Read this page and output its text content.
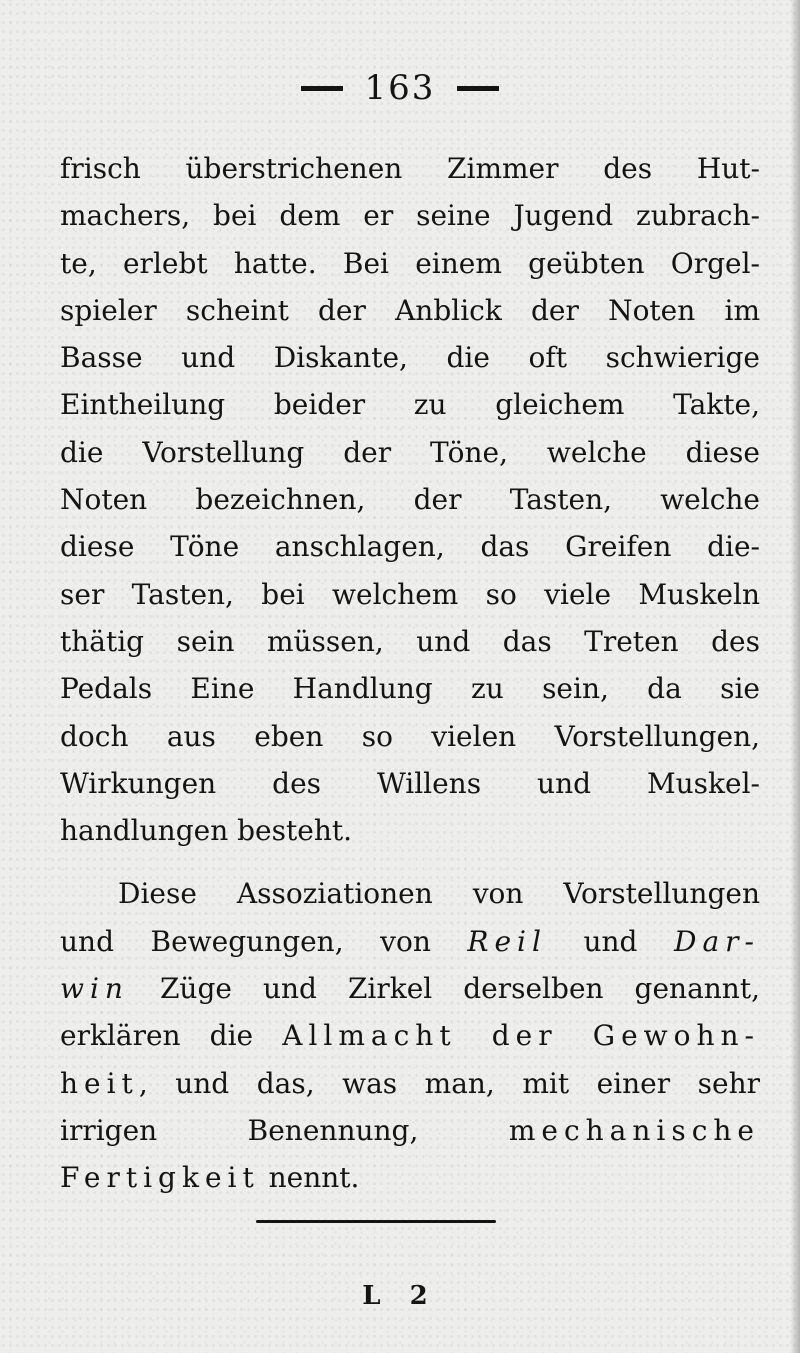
163
frisch überstrichenen Zimmer des Hut-
machers, bei dem er seine Jugend zubrach-
te, erlebt hatte. Bei einem geübten Orgel-
spieler scheint der Anblick der Noten im
Basse und Diskante, die oft schwierige
Eintheilung beider zu gleichem Takte,
die Vorstellung der Töne, welche diese
Noten bezeichnen, der Tasten, welche
diese Töne anschlagen, das Greifen die-
ser Tasten, bei welchem so viele Muskeln
thätig sein müssen, und das Treten des
Pedals Eine Handlung zu sein, da sie
doch aus eben so vielen Vorstellungen,
Wirkungen des Willens und Muskel-
handlungen besteht.
Diese Assoziationen von Vorstellungen
und Bewegungen, von Reil und Dar-
win Züge und Zirkel derselben genannt,
erklären die Allmacht der Gewohn-
heit, und das, was man, mit einer sehr
irrigen Benennung, mechanische
Fertigkeit nennt.
L 2
